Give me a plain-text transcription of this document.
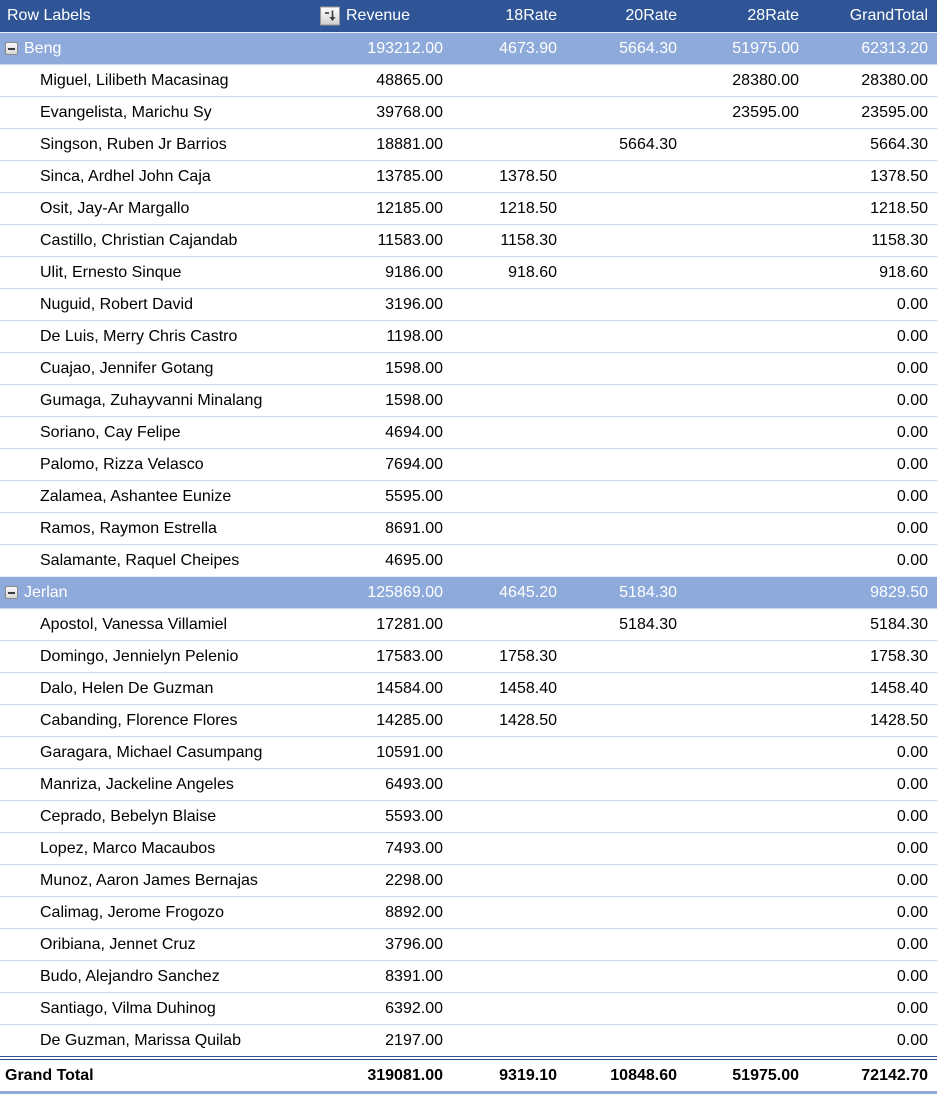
Row Labels	Revenue	18Rate	20Rate	28Rate	GrandTotal

Beng	193212.00	4673.90	5664.30	51975.00	62313.20
Miguel, Lilibeth Macasinag	48865.00			28380.00	28380.00
Evangelista, Marichu Sy	39768.00			23595.00	23595.00
Singson, Ruben Jr Barrios	18881.00		5664.30		5664.30
Sinca, Ardhel John Caja	13785.00	1378.50			1378.50
Osit, Jay-Ar Margallo	12185.00	1218.50			1218.50
Castillo, Christian Cajandab	11583.00	1158.30			1158.30
Ulit, Ernesto Sinque	9186.00	918.60			918.60
Nuguid, Robert David	3196.00				0.00
De Luis, Merry Chris Castro	1198.00				0.00
Cuajao, Jennifer Gotang	1598.00				0.00
Gumaga, Zuhayvanni Minalang	1598.00				0.00
Soriano, Cay Felipe	4694.00				0.00
Palomo, Rizza Velasco	7694.00				0.00
Zalamea, Ashantee Eunize	5595.00				0.00
Ramos, Raymon Estrella	8691.00				0.00
Salamante, Raquel Cheipes	4695.00				0.00

Jerlan	125869.00	4645.20	5184.30		9829.50
Apostol, Vanessa Villamiel	17281.00		5184.30		5184.30
Domingo, Jennielyn Pelenio	17583.00	1758.30			1758.30
Dalo, Helen De Guzman	14584.00	1458.40			1458.40
Cabanding, Florence Flores	14285.00	1428.50			1428.50
Garagara, Michael Casumpang	10591.00				0.00
Manriza, Jackeline Angeles	6493.00				0.00
Ceprado, Bebelyn Blaise	5593.00				0.00
Lopez, Marco Macaubos	7493.00				0.00
Munoz, Aaron James Bernajas	2298.00				0.00
Calimag, Jerome Frogozo	8892.00				0.00
Oribiana, Jennet Cruz	3796.00				0.00
Budo, Alejandro Sanchez	8391.00				0.00
Santiago, Vilma Duhinog	6392.00				0.00
De Guzman, Marissa Quilab	2197.00				0.00
Grand Total	319081.00	9319.10	10848.60	51975.00	72142.70
